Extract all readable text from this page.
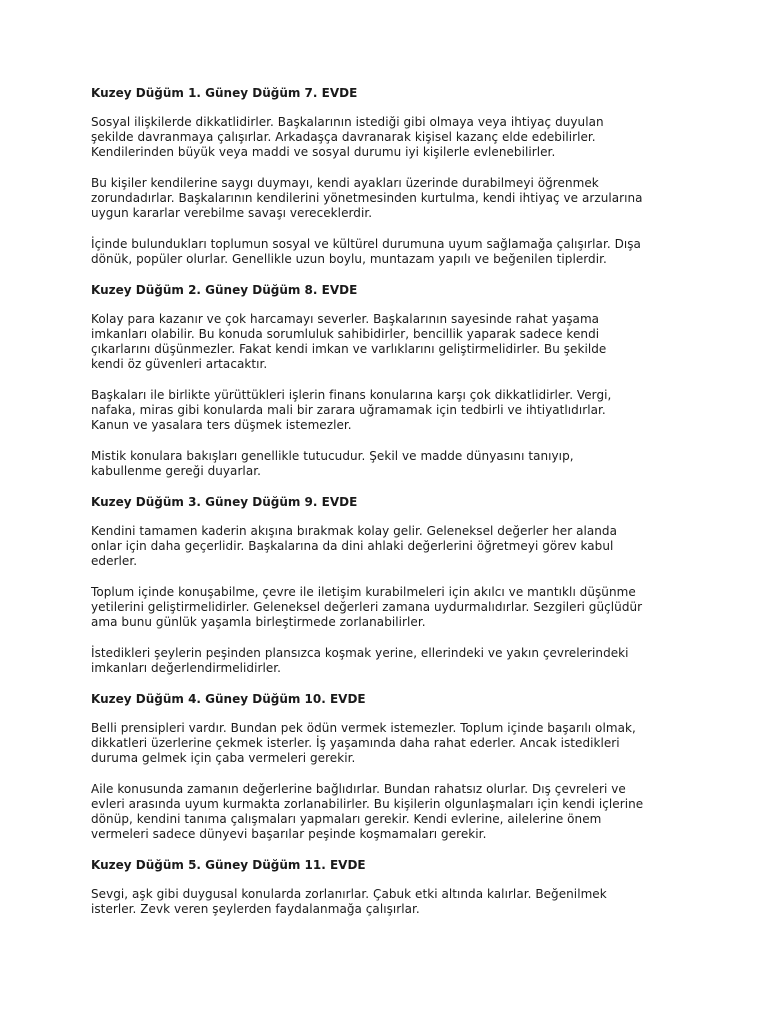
Kuzey Düğüm 1. Güney Düğüm 7. EVDE

Sosyal ilişkilerde dikkatlidirler. Başkalarının istediği gibi olmaya veya ihtiyaç duyulan
şekilde davranmaya çalışırlar. Arkadaşça davranarak kişisel kazanç elde edebilirler.
Kendilerinden büyük veya maddi ve sosyal durumu iyi kişilerle evlenebilirler.

Bu kişiler kendilerine saygı duymayı, kendi ayakları üzerinde durabilmeyi öğrenmek
zorundadırlar. Başkalarının kendilerini yönetmesinden kurtulma, kendi ihtiyaç ve arzularına
uygun kararlar verebilme savaşı vereceklerdir.

İçinde bulundukları toplumun sosyal ve kültürel durumuna uyum sağlamağa çalışırlar. Dışa
dönük, popüler olurlar. Genellikle uzun boylu, muntazam yapılı ve beğenilen tiplerdir.

Kuzey Düğüm 2. Güney Düğüm 8. EVDE

Kolay para kazanır ve çok harcamayı severler. Başkalarının sayesinde rahat yaşama
imkanları olabilir. Bu konuda sorumluluk sahibidirler, bencillik yaparak sadece kendi
çıkarlarını düşünmezler. Fakat kendi imkan ve varlıklarını geliştirmelidirler. Bu şekilde
kendi öz güvenleri artacaktır.

Başkaları ile birlikte yürüttükleri işlerin finans konularına karşı çok dikkatlidirler. Vergi,
nafaka, miras gibi konularda mali bir zarara uğramamak için tedbirli ve ihtiyatlıdırlar.
Kanun ve yasalara ters düşmek istemezler.

Mistik konulara bakışları genellikle tutucudur. Şekil ve madde dünyasını tanıyıp,
kabullenme gereği duyarlar.

Kuzey Düğüm 3. Güney Düğüm 9. EVDE

Kendini tamamen kaderin akışına bırakmak kolay gelir. Geleneksel değerler her alanda
onlar için daha geçerlidir. Başkalarına da dini ahlaki değerlerini öğretmeyi görev kabul
ederler.

Toplum içinde konuşabilme, çevre ile iletişim kurabilmeleri için akılcı ve mantıklı düşünme
yetilerini geliştirmelidirler. Geleneksel değerleri zamana uydurmalıdırlar. Sezgileri güçlüdür
ama bunu günlük yaşamla birleştirmede zorlanabilirler.

İstedikleri şeylerin peşinden plansızca koşmak yerine, ellerindeki ve yakın çevrelerindeki
imkanları değerlendirmelidirler.

Kuzey Düğüm 4. Güney Düğüm 10. EVDE

Belli prensipleri vardır. Bundan pek ödün vermek istemezler. Toplum içinde başarılı olmak,
dikkatleri üzerlerine çekmek isterler. İş yaşamında daha rahat ederler. Ancak istedikleri
duruma gelmek için çaba vermeleri gerekir.

Aile konusunda zamanın değerlerine bağlıdırlar. Bundan rahatsız olurlar. Dış çevreleri ve
evleri arasında uyum kurmakta zorlanabilirler. Bu kişilerin olgunlaşmaları için kendi içlerine
dönüp, kendini tanıma çalışmaları yapmaları gerekir. Kendi evlerine, ailelerine önem
vermeleri sadece dünyevi başarılar peşinde koşmamaları gerekir.

Kuzey Düğüm 5. Güney Düğüm 11. EVDE

Sevgi, aşk gibi duygusal konularda zorlanırlar. Çabuk etki altında kalırlar. Beğenilmek
isterler. Zevk veren şeylerden faydalanmağa çalışırlar.
